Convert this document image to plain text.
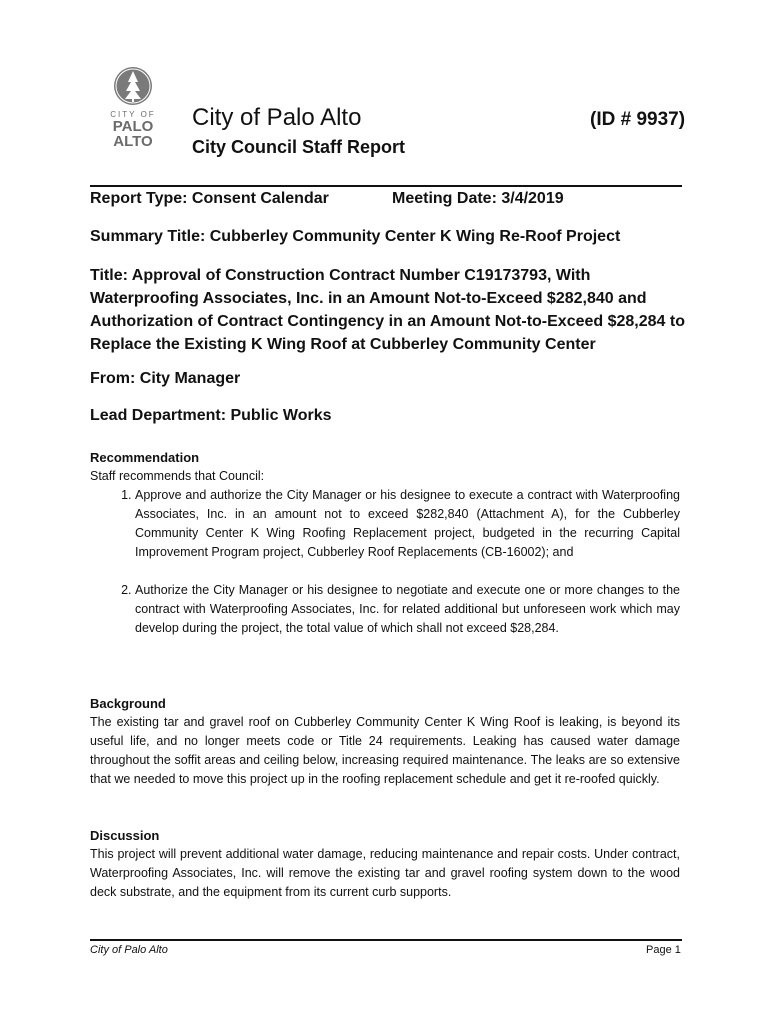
CITY OF
PALO
ALTO
City of Palo Alto	(ID # 9937)
City Council Staff Report
Report Type: Consent Calendar	Meeting Date: 3/4/2019
Summary Title: Cubberley Community Center K Wing Re-Roof Project
Title: Approval of Construction Contract Number C19173793, With Waterproofing Associates, Inc. in an Amount Not-to-Exceed $282,840 and Authorization of Contract Contingency in an Amount Not-to-Exceed $28,284 to Replace the Existing K Wing Roof at Cubberley Community Center
From: City Manager
Lead Department: Public Works
Recommendation
Staff recommends that Council:
1. Approve and authorize the City Manager or his designee to execute a contract with Waterproofing Associates, Inc. in an amount not to exceed $282,840 (Attachment A), for the Cubberley Community Center K Wing Roofing Replacement project, budgeted in the recurring Capital Improvement Program project, Cubberley Roof Replacements (CB-16002); and
2. Authorize the City Manager or his designee to negotiate and execute one or more changes to the contract with Waterproofing Associates, Inc. for related additional but unforeseen work which may develop during the project, the total value of which shall not exceed $28,284.
Background
The existing tar and gravel roof on Cubberley Community Center K Wing Roof is leaking, is beyond its useful life, and no longer meets code or Title 24 requirements. Leaking has caused water damage throughout the soffit areas and ceiling below, increasing required maintenance. The leaks are so extensive that we needed to move this project up in the roofing replacement schedule and get it re-roofed quickly.
Discussion
This project will prevent additional water damage, reducing maintenance and repair costs. Under contract, Waterproofing Associates, Inc. will remove the existing tar and gravel roofing system down to the wood deck substrate, and the equipment from its current curb supports.
City of Palo Alto	Page 1
